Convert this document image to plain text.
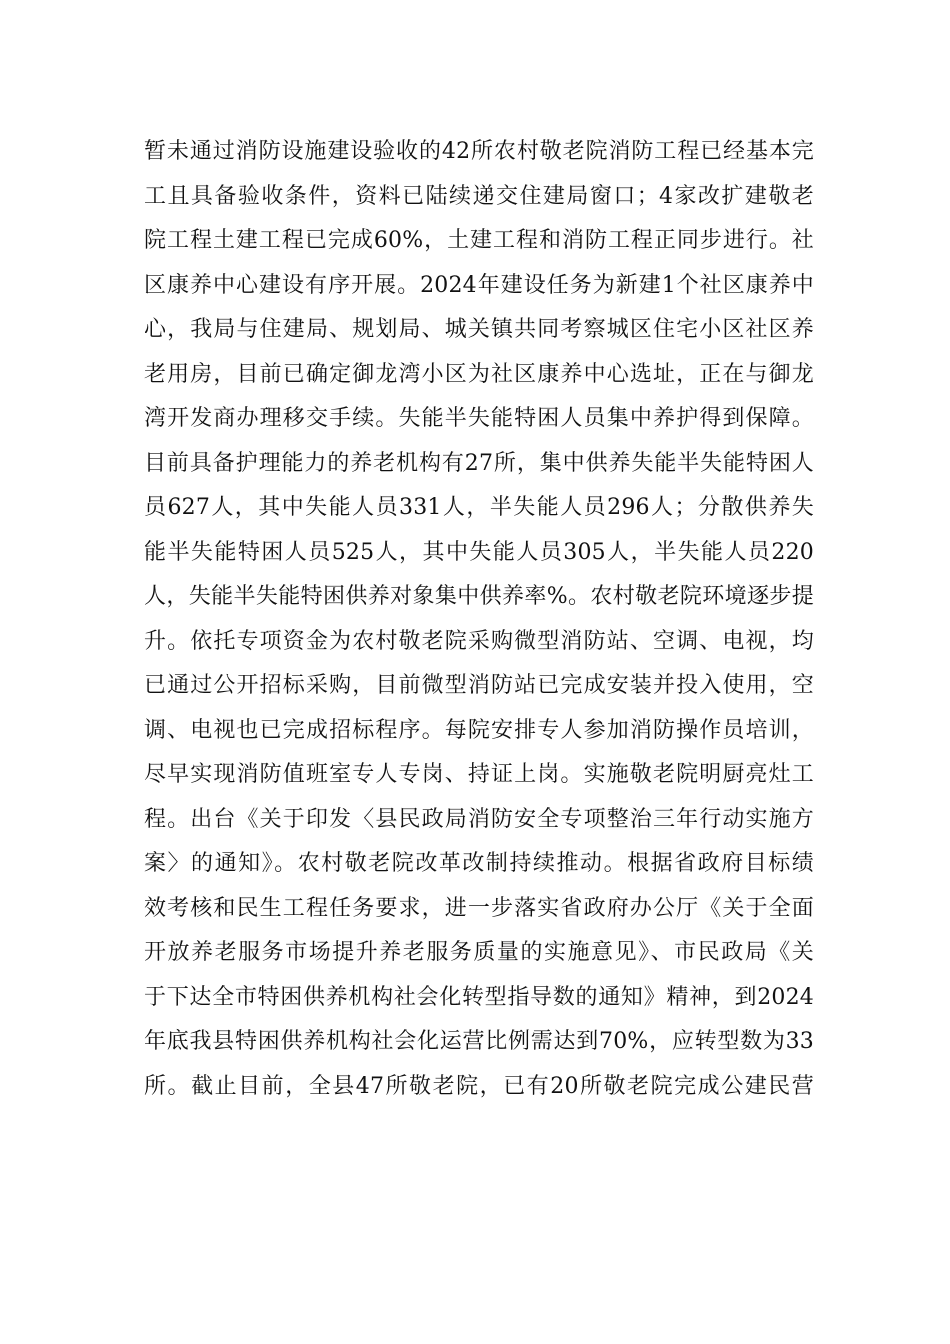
暂未通过消防设施建设验收的42所农村敬老院消防工程已经基本完
工且具备验收条件，资料已陆续递交住建局窗口；4家改扩建敬老
院工程土建工程已完成60%，土建工程和消防工程正同步进行。社
区康养中心建设有序开展。2024年建设任务为新建1个社区康养中
心，我局与住建局、规划局、城关镇共同考察城区住宅小区社区养
老用房，目前已确定御龙湾小区为社区康养中心选址，正在与御龙
湾开发商办理移交手续。失能半失能特困人员集中养护得到保障。
目前具备护理能力的养老机构有27所，集中供养失能半失能特困人
员627人，其中失能人员331人，半失能人员296人；分散供养失
能半失能特困人员525人，其中失能人员305人，半失能人员220
人，失能半失能特困供养对象集中供养率%。农村敬老院环境逐步提
升。依托专项资金为农村敬老院采购微型消防站、空调、电视，均
已通过公开招标采购，目前微型消防站已完成安装并投入使用，空
调、电视也已完成招标程序。每院安排专人参加消防操作员培训，
尽早实现消防值班室专人专岗、持证上岗。实施敬老院明厨亮灶工
程。出台《关于印发〈县民政局消防安全专项整治三年行动实施方
案〉的通知》。农村敬老院改革改制持续推动。根据省政府目标绩
效考核和民生工程任务要求，进一步落实省政府办公厅《关于全面
开放养老服务市场提升养老服务质量的实施意见》、市民政局《关
于下达全市特困供养机构社会化转型指导数的通知》精神，到2024
年底我县特困供养机构社会化运营比例需达到70%，应转型数为33
所。截止目前，全县47所敬老院，已有20所敬老院完成公建民营
